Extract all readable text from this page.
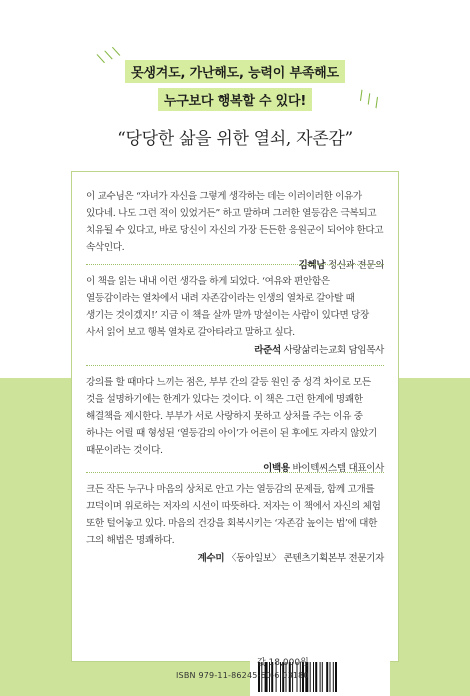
\ \ \
못생겨도, 가난해도, 능력이 부족해도
누구보다 행복할 수 있다!
\ \ \
“당당한 삶을 위한 열쇠, 자존감”

이 교수님은 “자녀가 자신을 그렇게 생각하는 데는 이러이러한 이유가 있다네. 나도 그런 적이 있었거든” 하고 말하며 그러한 열등감은 극복되고 치유될 수 있다고, 바로 당신이 자신의 가장 든든한 응원군이 되어야 한다고 속삭인다.

김혜남 정신과 전문의

이 책을 읽는 내내 이런 생각을 하게 되었다. ‘여유와 편안함은 열등감이라는 열차에서 내려 자존감이라는 인생의 열차로 갈아탈 때 생기는 것이겠지!’ 지금 이 책을 살까 말까 망설이는 사람이 있다면 당장 사서 읽어 보고 행복 열차로 갈아타라고 말하고 싶다.

라준석 사랑삶리는교회 담임목사

강의를 할 때마다 느끼는 점은, 부부 간의 갈등 원인 중 성격 차이로 모든 것을 설명하기에는 한계가 있다는 것이다. 이 책은 그런 한계에 명쾌한 해결책을 제시한다. 부부가 서로 사랑하지 못하고 상처를 주는 이유 중 하나는 어릴 때 형성된 ‘열등감의 아이’가 어른이 된 후에도 자라지 않았기 때문이라는 것이다.

이백용 바이텍씨스템 대표이사

크든 작든 누구나 마음의 상처로 안고 가는 열등감의 문제들, 함께 고개를 끄덕이며 위로하는 저자의 시선이 따뜻하다. 저자는 이 책에서 자신의 체험 또한 털어놓고 있다. 마음의 건강을 회복시키는 ‘자존감 높이는 법’에 대한 그의 해법은 명쾌하다.

계수미 〈동아일보〉 콘텐츠기획본부 전문기자
값 18,000원
ISBN 979-11-86245-60-6 03180
